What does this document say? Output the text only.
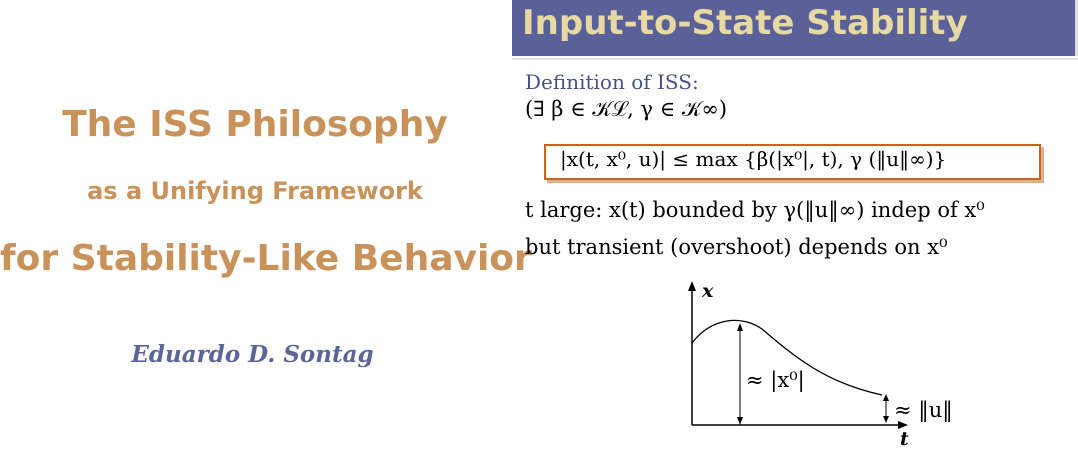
The ISS Philosophy
as a Unifying Framework
for Stability-Like Behavior
Eduardo D. Sontag
Input-to-State Stability
Definition of ISS:
(∃ β ∈ 𝒦ℒ, γ ∈ 𝒦∞)
|x(t, x⁰, u)| ≤ max {β(|x⁰|, t), γ (‖u‖∞)}
t large: x(t) bounded by γ(‖u‖∞) indep of x⁰
but transient (overshoot) depends on x⁰
x
t
≈ |x⁰|
≈ ‖u‖
